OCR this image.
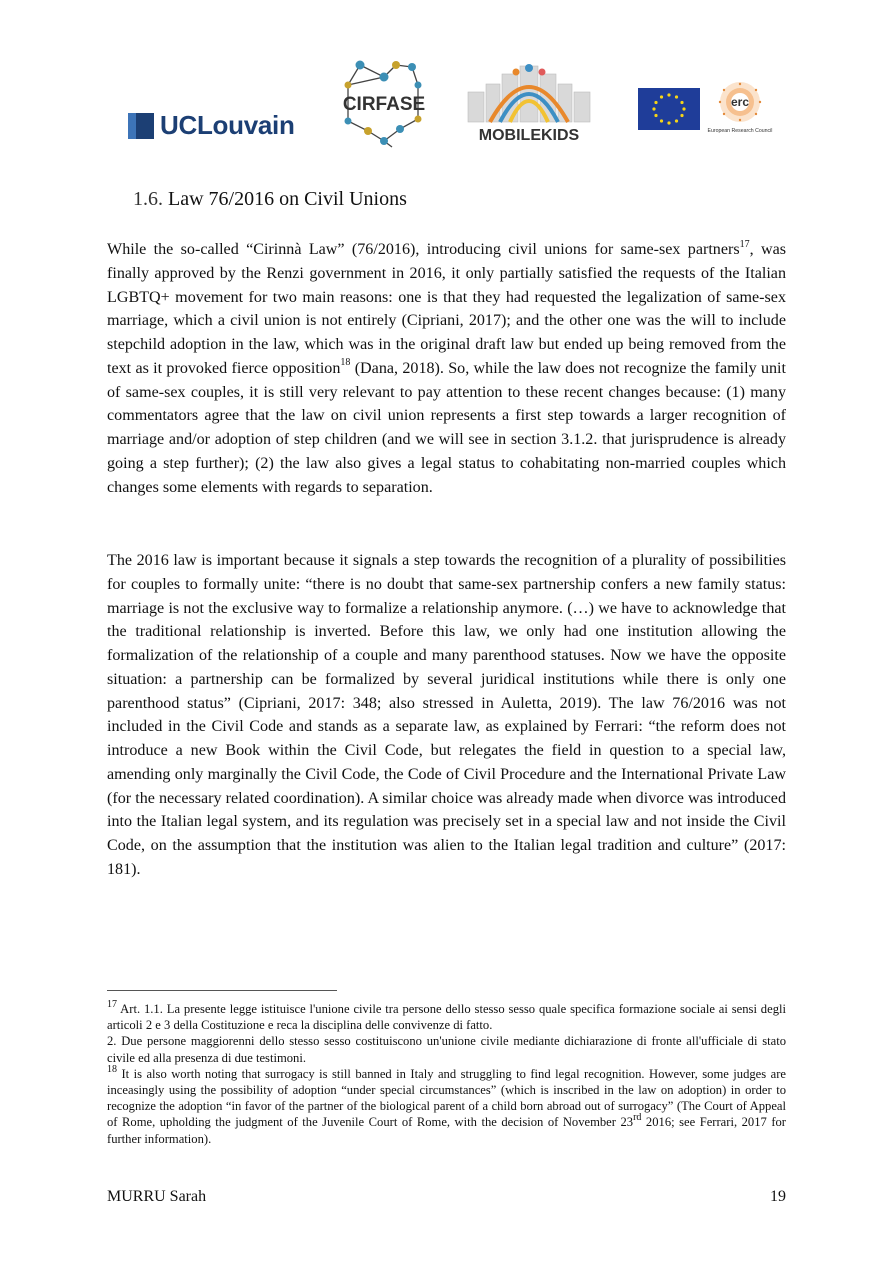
UCLouvain
CIRFASE
MOBILEKIDS
erc
European Research Council
1.6. Law 76/2016 on Civil Unions

While the so-called “Cirinnà Law” (76/2016), introducing civil unions for same-sex partners$^{17}$, was finally approved by the Renzi government in 2016, it only partially satisfied the requests of the Italian LGBTQ+ movement for two main reasons: one is that they had requested the legalization of same-sex marriage, which a civil union is not entirely (Cipriani, 2017); and the other one was the will to include stepchild adoption in the law, which was in the original draft law but ended up being removed from the text as it provoked fierce opposition$^{18}$ (Dana, 2018). So, while the law does not recognize the family unit of same-sex couples, it is still very relevant to pay attention to these recent changes because: (1) many commentators agree that the law on civil union represents a first step towards a larger recognition of marriage and/or adoption of step children (and we will see in section 3.1.2. that jurisprudence is already going a step further); (2) the law also gives a legal status to cohabitating non-married couples which changes some elements with regards to separation.

The 2016 law is important because it signals a step towards the recognition of a plurality of possibilities for couples to formally unite: “there is no doubt that same-sex partnership confers a new family status: marriage is not the exclusive way to formalize a relationship anymore. (…) we have to acknowledge that the traditional relationship is inverted. Before this law, we only had one institution allowing the formalization of the relationship of a couple and many parenthood statuses. Now we have the opposite situation: a partnership can be formalized by several juridical institutions while there is only one parenthood status” (Cipriani, 2017: 348; also stressed in Auletta, 2019). The law 76/2016 was not included in the Civil Code and stands as a separate law, as explained by Ferrari: “the reform does not introduce a new Book within the Civil Code, but relegates the field in question to a special law, amending only marginally the Civil Code, the Code of Civil Procedure and the International Private Law (for the necessary related coordination). A similar choice was already made when divorce was introduced into the Italian legal system, and its regulation was precisely set in a special law and not inside the Civil Code, on the assumption that the institution was alien to the Italian legal tradition and culture” (2017: 181).

$^{17}$ Art. 1.1. La presente legge istituisce l'unione civile tra persone dello stesso sesso quale specifica formazione sociale ai sensi degli articoli 2 e 3 della Costituzione e reca la disciplina delle convivenze di fatto.

2. Due persone maggiorenni dello stesso sesso costituiscono un'unione civile mediante dichiarazione di fronte all'ufficiale di stato civile ed alla presenza di due testimoni.

$^{18}$ It is also worth noting that surrogacy is still banned in Italy and struggling to find legal recognition. However, some judges are inceasingly using the possibility of adoption “under special circumstances” (which is inscribed in the law on adoption) in order to recognize the adoption “in favor of the partner of the biological parent of a child born abroad out of surrogacy” (The Court of Appeal of Rome, upholding the judgment of the Juvenile Court of Rome, with the decision of November 23rd 2016; see Ferrari, 2017 for further information).

MURRU Sarah	19
